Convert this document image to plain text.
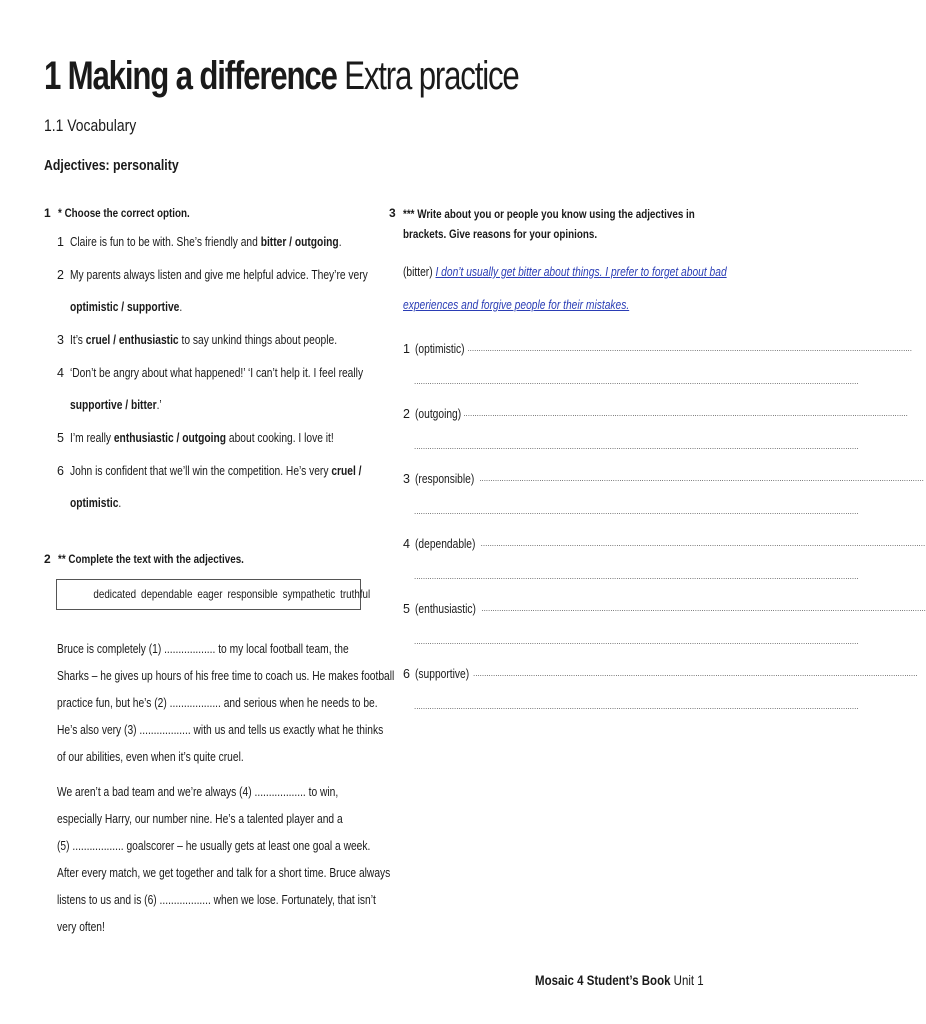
1 Making a difference Extra practice
1.1 Vocabulary
Adjectives: personality
1 * Choose the correct option.
1 Claire is fun to be with. She’s friendly and bitter / outgoing.
2 My parents always listen and give me helpful advice. They’re very
optimistic / supportive.
3 It’s cruel / enthusiastic to say unkind things about people.
4 ‘Don’t be angry about what happened!’ ‘I can’t help it. I feel really
supportive / bitter.’
5 I’m really enthusiastic / outgoing about cooking. I love it!
6 John is confident that we’ll win the competition. He’s very cruel /
optimistic.
2 ** Complete the text with the adjectives.
dedicated dependable eager responsible sympathetic truthful
Bruce is completely (1) .................. to my local football team, the
Sharks – he gives up hours of his free time to coach us. He makes football
practice fun, but he’s (2) .................. and serious when he needs to be.
He’s also very (3) .................. with us and tells us exactly what he thinks
of our abilities, even when it’s quite cruel.
We aren’t a bad team and we’re always (4) .................. to win,
especially Harry, our number nine. He’s a talented player and a
(5) .................. goalscorer – he usually gets at least one goal a week.
After every match, we get together and talk for a short time. Bruce always
listens to us and is (6) .................. when we lose. Fortunately, that isn’t
very often!
3 *** Write about you or people you know using the adjectives in
brackets. Give reasons for your opinions.
(bitter) I don’t usually get bitter about things. I prefer to forget about bad
experiences and forgive people for their mistakes.
1 (optimistic) ........................................................................................................................................................................................................
........................................................................................................................................................................................................
2 (outgoing) ........................................................................................................................................................................................................
........................................................................................................................................................................................................
3 (responsible) ........................................................................................................................................................................................................
........................................................................................................................................................................................................
4 (dependable) ........................................................................................................................................................................................................
........................................................................................................................................................................................................
5 (enthusiastic) ........................................................................................................................................................................................................
........................................................................................................................................................................................................
6 (supportive) ........................................................................................................................................................................................................
........................................................................................................................................................................................................
Mosaic 4 Student’s Book Unit 1
